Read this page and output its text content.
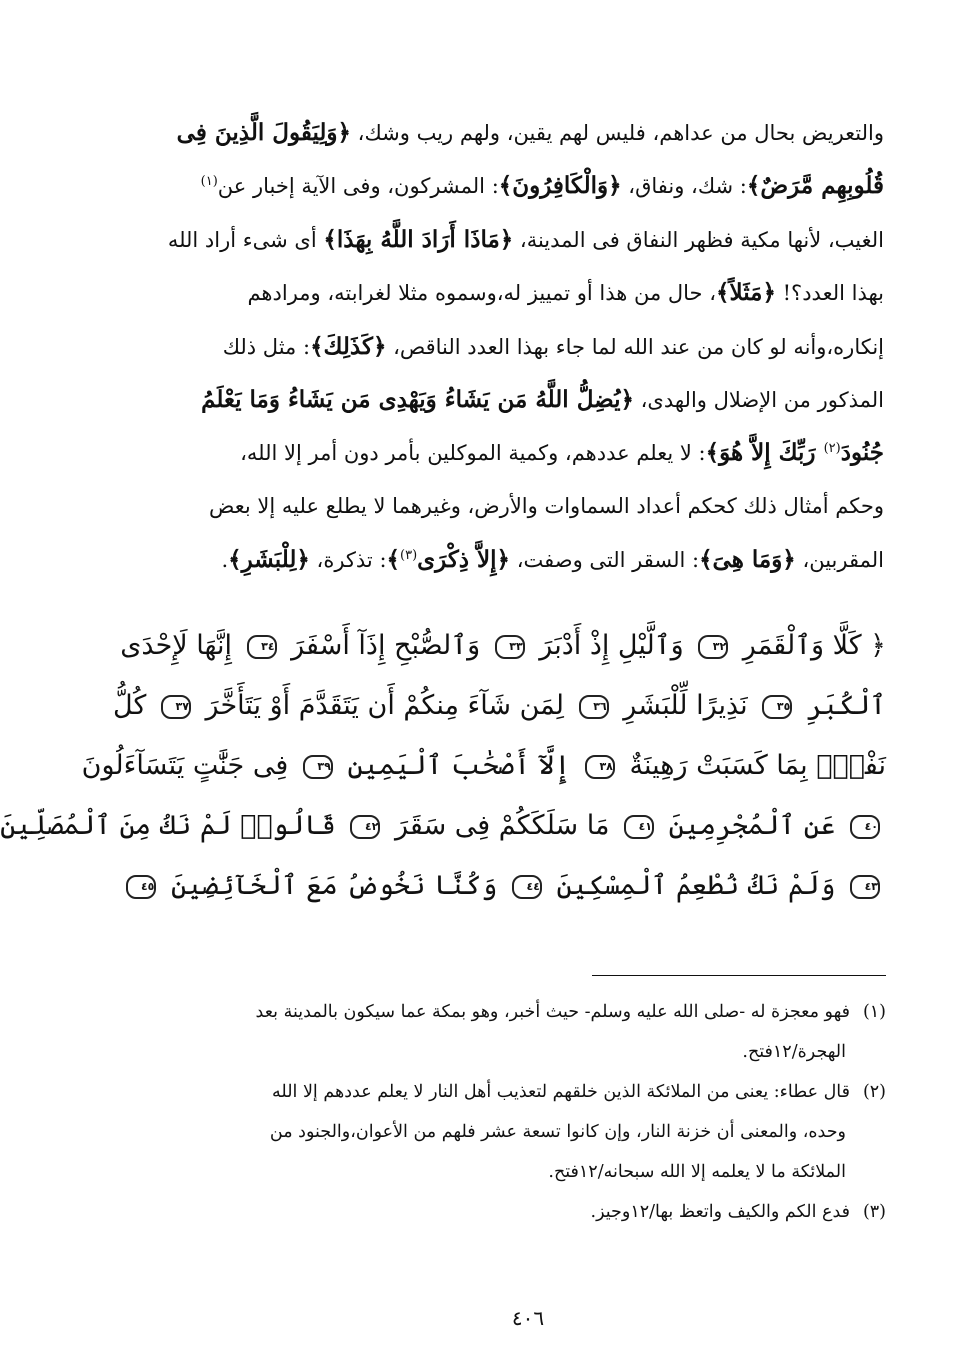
والتعريض بحال من عداهم، فليس لهم يقين، ولهم ريب وشك، ﴿وَلِيَقُولَ الَّذِينَ فِى
قُلُوبِهِم مَّرَضٌ﴾: شك، ونفاق، ﴿وَالْكَافِرُونَ﴾: المشركون، وفى الآية إخبار عن$^{(١)}$
الغيب، لأنها مكية فظهر النفاق فى المدينة، ﴿مَاذَا أَرَادَ اللَّهُ بِهَذَا﴾ أى شىء أراد الله
بهذا العدد؟! ﴿مَثَلاً﴾، حال من هذا أو تمييز له،وسموه مثلا لغرابته، ومرادهم
إنكاره،وأنه لو كان من عند الله لما جاء بهذا العدد الناقص، ﴿كَذَلِكَ﴾: مثل ذلك
المذكور من الإضلال والهدى، ﴿يُضِلُّ اللَّهُ مَن يَشَاءُ وَيَهْدِى مَن يَشَاءُ وَمَا يَعْلَمُ
جُنُودَ$^{(٢)}$ رَبِّكَ إِلاَّ هُوَ﴾: لا يعلم عددهم، وكمية الموكلين بأمر دون أمر إلا الله،
وحكم أمثال ذلك كحكم أعداد السماوات والأرض، وغيرهما لا يطلع عليه إلا بعض
المقربين، ﴿وَمَا هِىَ﴾: السقر التى وصفت، ﴿إِلاَّ ذِكْرَى$^{(٣)}$﴾: تذكرة، ﴿لِلْبَشَرِ﴾.
﴿ كَلَّا وَٱلْقَمَرِ ٣٢ وَٱلَّيْلِ إِذْ أَدْبَرَ ٣٣ وَٱلصُّبْحِ إِذَآ أَسْفَرَ ٣٤ إِنَّهَا لَإِحْدَى
ٱلْكُبَرِ ٣٥ نَذِيرًا لِّلْبَشَرِ ٣٦ لِمَن شَآءَ مِنكُمْ أَن يَتَقَدَّمَ أَوْ يَتَأَخَّرَ ٣٧ كُلُّ
نَفْسٍۭ بِمَا كَسَبَتْ رَهِينَةٌ ٣٨ إِلَّآ أَصْحَٰبَ ٱلْيَمِينِ ٣٩ فِى جَنَّٰتٍ يَتَسَآءَلُونَ
٤٠ عَنِ ٱلْمُجْرِمِينَ ٤١ مَا سَلَكَكُمْ فِى سَقَرَ ٤٢ قَالُوا۟ لَمْ نَكُ مِنَ ٱلْمُصَلِّينَ
٤٣ وَلَمْ نَكُ نُطْعِمُ ٱلْمِسْكِينَ ٤٤ وَكُنَّا نَخُوضُ مَعَ ٱلْخَآئِضِينَ ٤٥
(١)فهو معجزة له -صلى الله عليه وسلم- حيث أخبر، وهو بمكة عما سيكون بالمدينة بعد
الهجرة/١٢فتح.
(٢)قال عطاء: يعنى من الملائكة الذين خلقهم لتعذيب أهل النار لا يعلم عددهم إلا الله
وحده، والمعنى أن خزنة النار، وإن كانوا تسعة عشر فلهم من الأعوان،والجنود من
الملائكة ما لا يعلمه إلا الله سبحانه/١٢فتح.
(٣)فدع الكم والكيف واتعظ بها/١٢وجيز.
٤٠٦
